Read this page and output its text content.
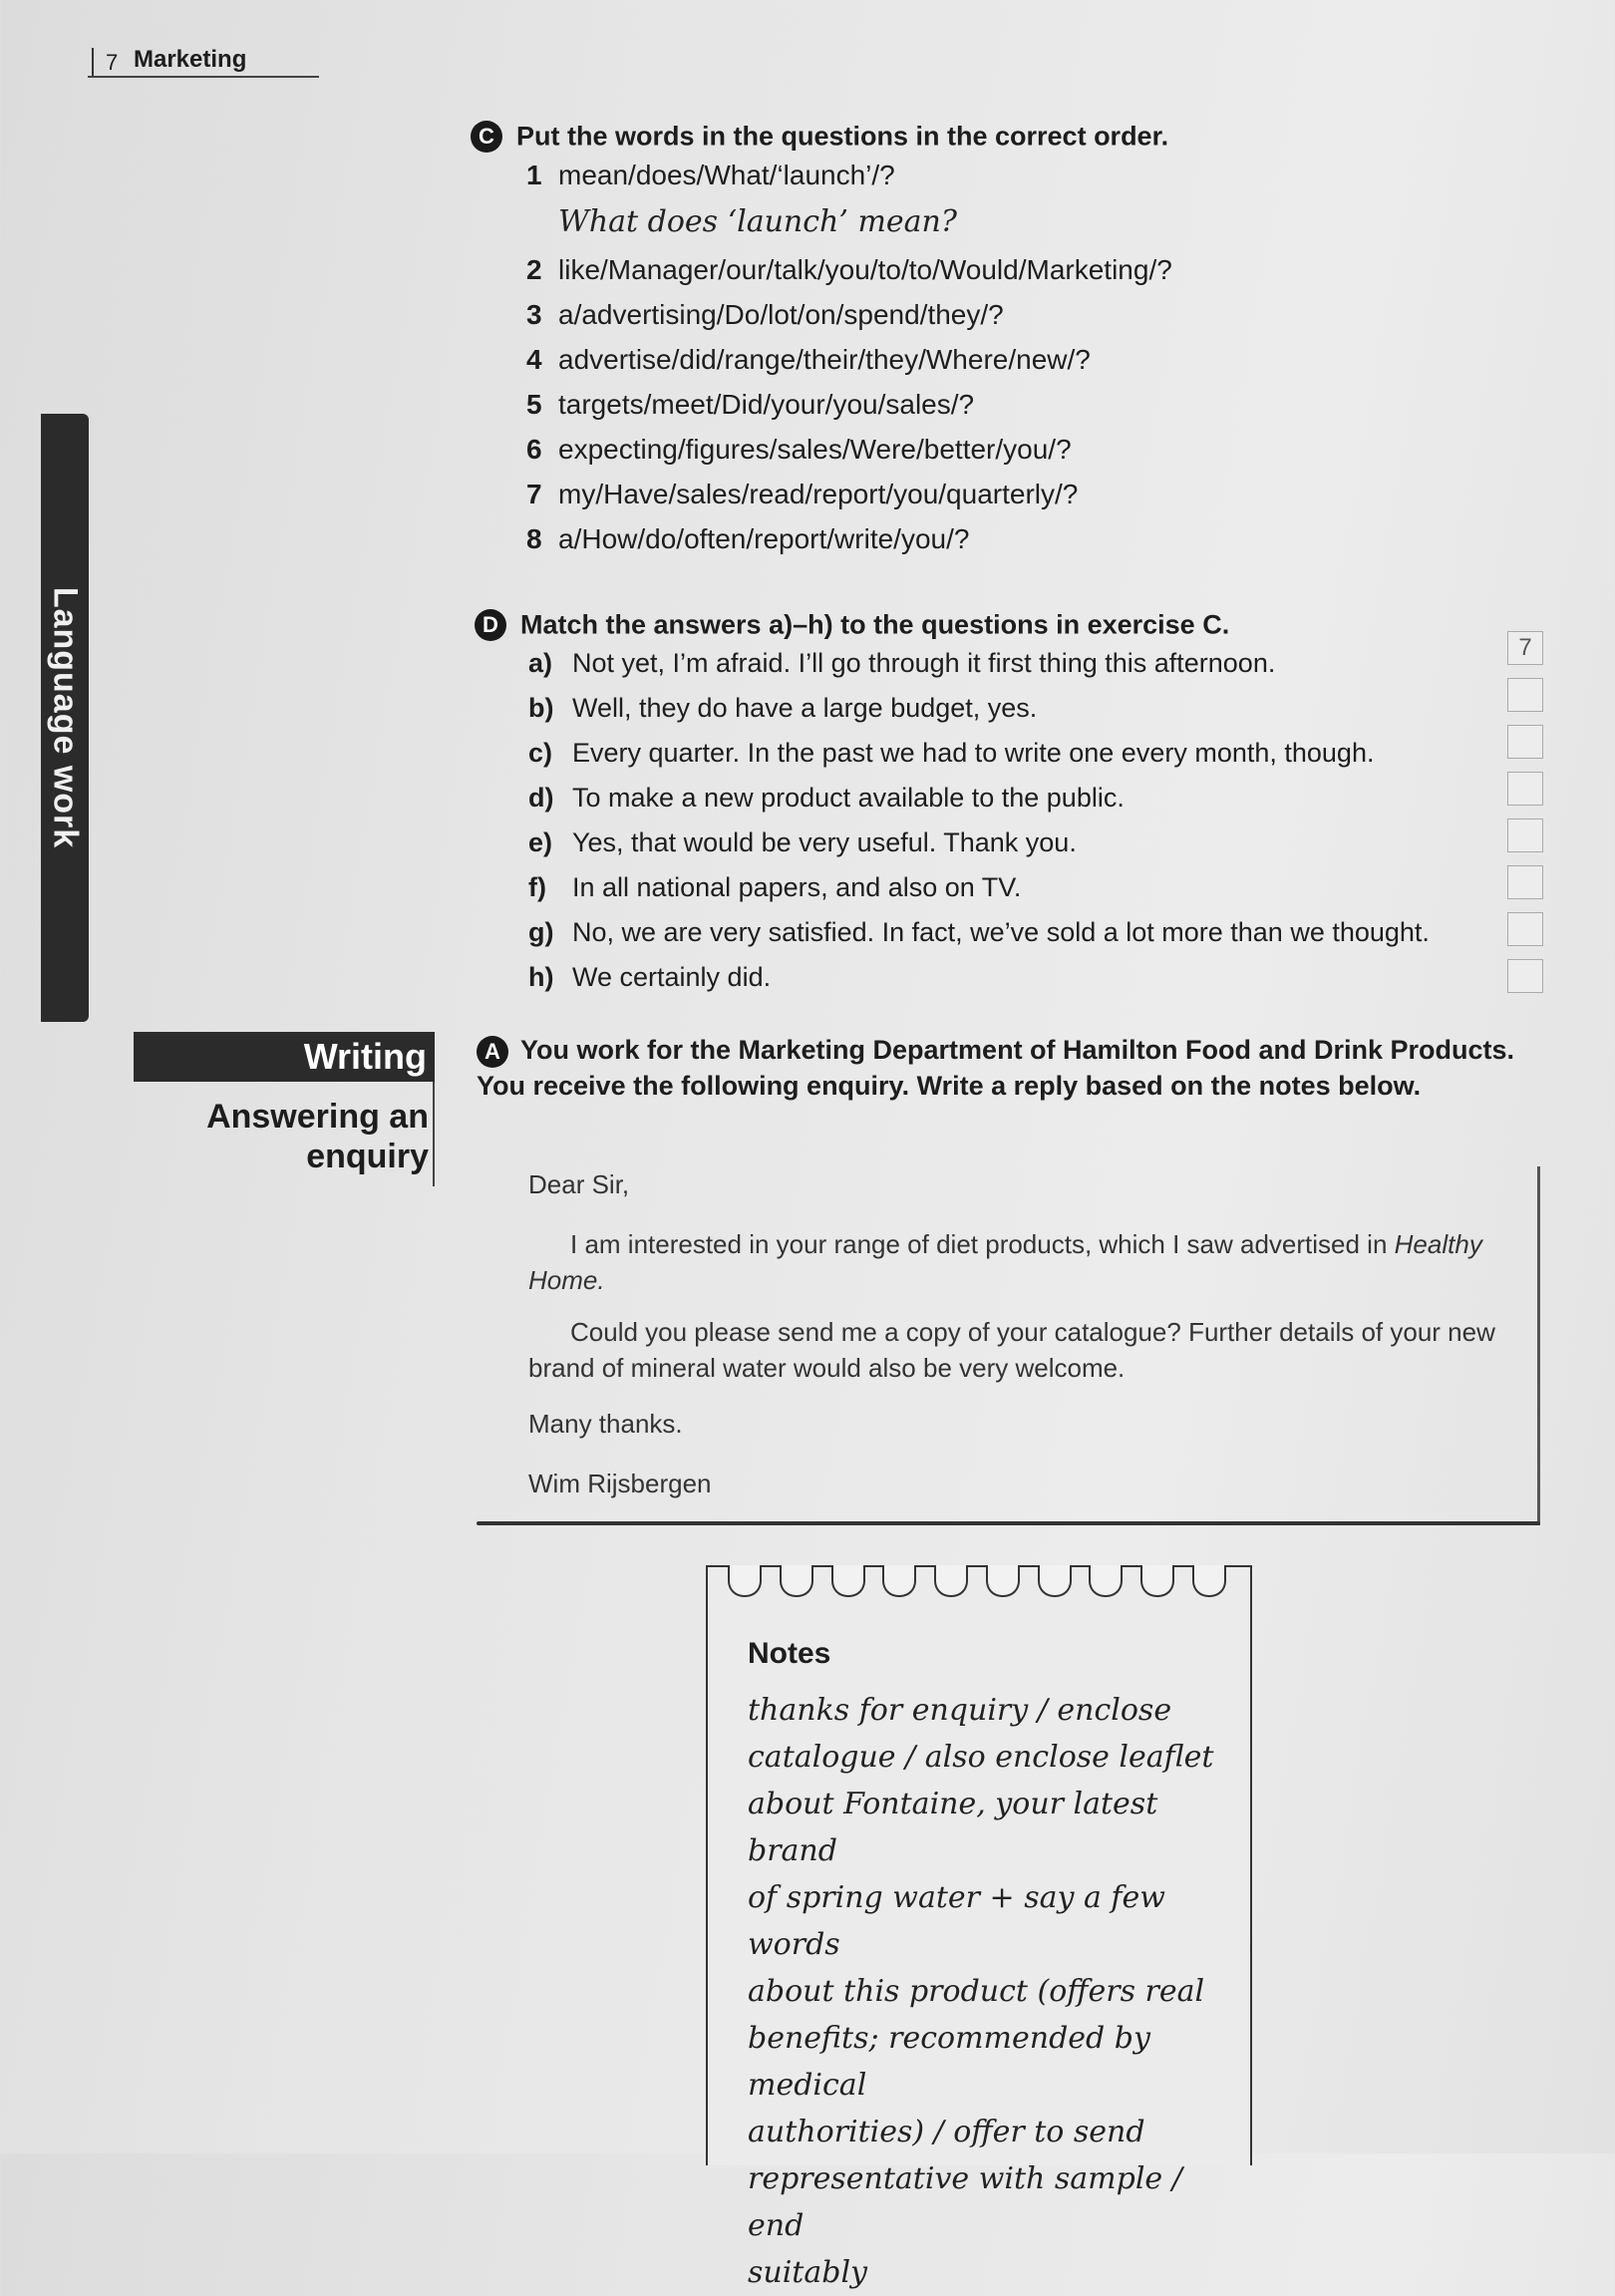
7 Marketing
Language work
C Put the words in the questions in the correct order.
1 mean/does/What/‘launch’/?
What does ‘launch’ mean?
2 like/Manager/our/talk/you/to/to/Would/Marketing/?
3 a/advertising/Do/lot/on/spend/they/?
4 advertise/did/range/their/they/Where/new/?
5 targets/meet/Did/your/you/sales/?
6 expecting/figures/sales/Were/better/you/?
7 my/Have/sales/read/report/you/quarterly/?
8 a/How/do/often/report/write/you/?
D Match the answers a)–h) to the questions in exercise C.
a) Not yet, I’m afraid. I’ll go through it first thing this afternoon.
b) Well, they do have a large budget, yes.
c) Every quarter. In the past we had to write one every month, though.
d) To make a new product available to the public.
e) Yes, that would be very useful. Thank you.
f) In all national papers, and also on TV.
g) No, we are very satisfied. In fact, we’ve sold a lot more than we thought.
h) We certainly did.
7
Writing
Answering an
enquiry
A You work for the Marketing Department of Hamilton Food and Drink Products. You receive the following enquiry. Write a reply based on the notes below.

Dear Sir,

I am interested in your range of diet products, which I saw advertised in Healthy Home.

Could you please send me a copy of your catalogue? Further details of your new brand of mineral water would also be very welcome.

Many thanks.

Wim Rijsbergen

Notes
thanks for enquiry / enclose
catalogue / also enclose leaflet
about Fontaine, your latest brand
of spring water + say a few words
about this product (offers real
benefits; recommended by medical
authorities) / offer to send
representative with sample / end
suitably
